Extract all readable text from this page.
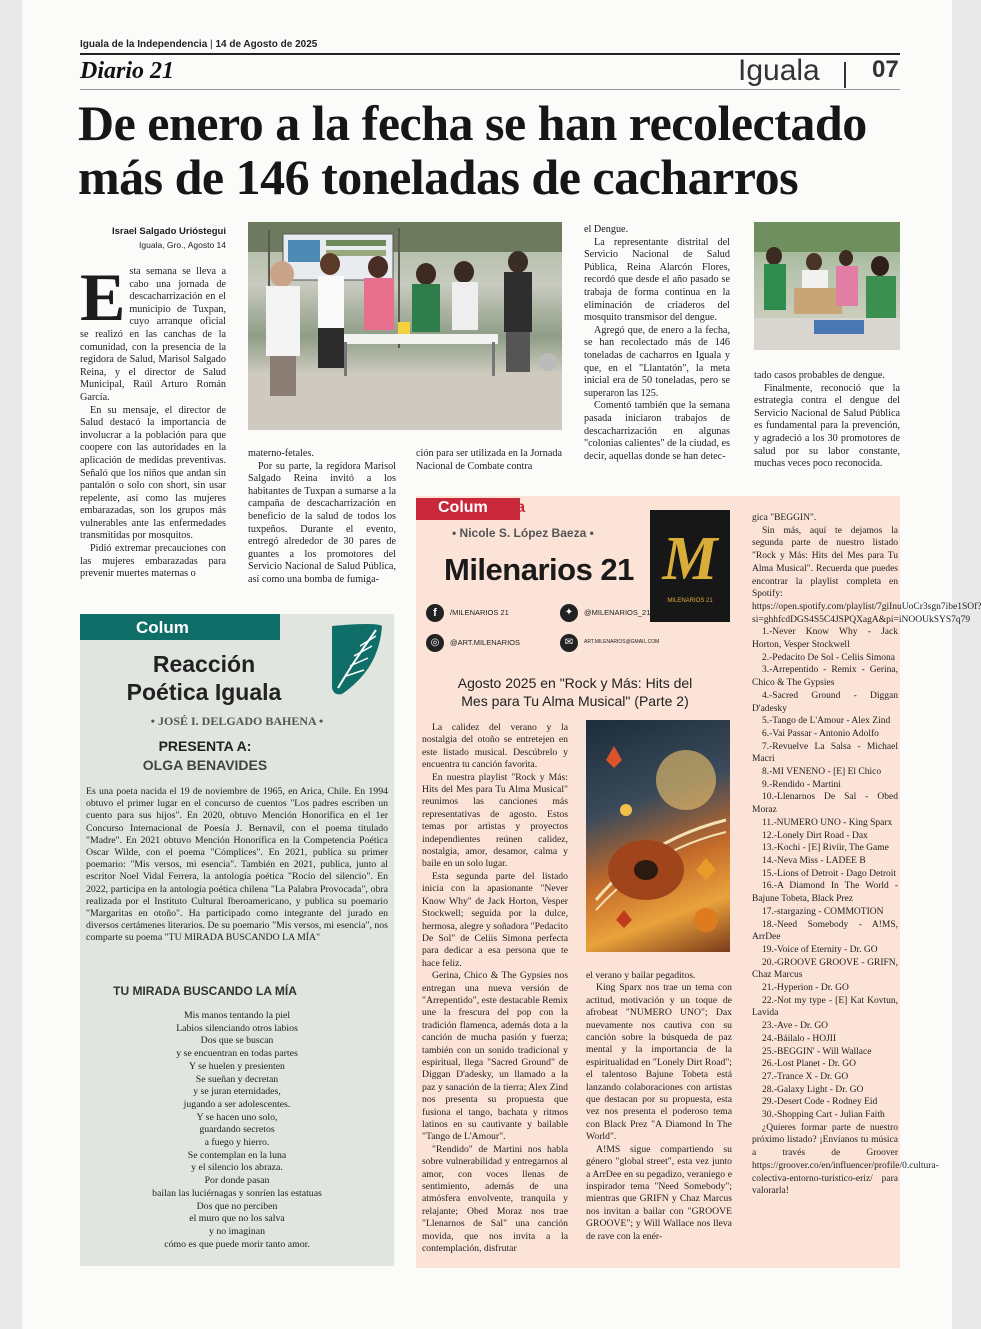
Iguala de la Independencia | 14 de Agosto de 2025
Diario 21	Iguala 07
De enero a la fecha se han recolectado
más de 146 toneladas de cacharros
Israel Salgado Urióstegui
Iguala, Gro., Agosto 14
E sta semana se lleva a cabo una jornada de descacharrización en el municipio de Tuxpan, cuyo arranque oficial se realizó en las canchas de la comunidad, con la presencia de la regidora de Salud, Marisol Salgado Reina, y el director de Salud Municipal, Raúl Arturo Román García.

En su mensaje, el director de Salud destacó la importancia de involucrar a la población para que coopere con las autoridades en la aplicación de medidas preventivas. Señaló que los niños que andan sin pantalón o solo con short, sin usar repelente, así como las mujeres embarazadas, son los grupos más vulnerables ante las enfermedades transmitidas por mosquitos.

Pidió extremar precauciones con las mujeres embarazadas para prevenir muertes maternas o

materno-fetales.

Por su parte, la regidora Marisol Salgado Reina invitó a los habitantes de Tuxpan a sumarse a la campaña de descacharrización en beneficio de la salud de todos los tuxpeños. Durante el evento, entregó alrededor de 30 pares de guantes a los promotores del Servicio Nacional de Salud Pública, así como una bomba de fumiga-

ción para ser utilizada en la Jornada Nacional de Combate contra

el Dengue.

La representante distrital del Servicio Nacional de Salud Pública, Reina Alarcón Flores, recordó que desde el año pasado se trabaja de forma continua en la eliminación de criaderos del mosquito transmisor del dengue.

Agregó que, de enero a la fecha, se han recolectado más de 146 toneladas de cacharros en Iguala y que, en el "Llantatón", la meta inicial era de 50 toneladas, pero se superaron las 125.

Comentó también que la semana pasada iniciaron trabajos de descacharrización en algunas "colonias calientes" de la ciudad, es decir, aquellas donde se han detec-

tado casos probables de dengue.

Finalmente, reconoció que la estrategia contra el dengue del Servicio Nacional de Salud Pública es fundamental para la prevención, y agradeció a los 30 promotores de salud por su labor constante, muchas veces poco reconocida.

Columna
Reacción
Poética Iguala
• JOSÉ I. DELGADO BAHENA •
PRESENTA A:
OLGA BENAVIDES
Es una poeta nacida el 19 de noviembre de 1965, en Arica, Chile. En 1994 obtuvo el primer lugar en el concurso de cuentos "Los padres escriben un cuento para sus hijos". En 2020, obtuvo Mención Honorífica en el 1er Concurso Internacional de Poesía J. Bernavil, con el poema titulado "Madre". En 2021 obtuvo Mención Honorífica en la Competencia Poética Oscar Wilde, con el poema "Cómplices". En 2021, publica su primer poemario: "Mis versos, mi esencia". También en 2021, publica, junto al escritor Noel Vidal Ferrera, la antología poética "Rocío del silencio". En 2022, participa en la antología poética chilena "La Palabra Provocada", obra realizada por el Instituto Cultural Iberoamericano, y publica su poemario "Margaritas en otoño". Ha participado como integrante del jurado en diversos certámenes literarios. De su poemario "Mis versos, mi esencia", nos comparte su poema "TU MIRADA BUSCANDO LA MÍA"
TU MIRADA BUSCANDO LA MÍA
Mis manos tentando la piel
Labios silenciando otros labios
Dos que se buscan
y se encuentran en todas partes
Y se huelen y presienten
Se sueñan y decretan
y se juran eternidades,
jugando a ser adolescentes.
Y se hacen uno solo,
guardando secretos
a fuego y hierro.
Se contemplan en la luna
y el silencio los abraza.
Por donde pasan
bailan las luciérnagas y sonríen las estatuas
Dos que no perciben
el muro que no los salva
y no imaginan
cómo es que puede morir tanto amor.
Columnista
• Nicole S. López Baeza •
Milenarios 21 M
MILENARIOS 21
f	/MILENARIOS 21	✦	@MILENARIOS_21
◎	@ART.MILENARIOS	✉	ART.MILENARIOS@GMAIL.COM
Agosto 2025 en "Rock y Más: Hits del
Mes para Tu Alma Musical" (Parte 2)

La calidez del verano y la nostalgia del otoño se entretejen en este listado musical. Descúbrelo y encuentra tu canción favorita.

En nuestra playlist "Rock y Más: Hits del Mes para Tu Alma Musical" reunimos las canciones más representativas de agosto. Estos temas por artistas y proyectos independientes reúnen calidez, nostalgia, amor, desamor, calma y baile en un solo lugar.

Esta segunda parte del listado inicia con la apasionante "Never Know Why" de Jack Horton, Vesper Stockwell; seguida por la dulce, hermosa, alegre y soñadora "Pedacito De Sol" de Celiis Simona perfecta para dedicar a esa persona que te hace feliz.

Gerina, Chico & The Gypsies nos entregan una nueva versión de "Arrepentido", este destacable Remix une la frescura del pop con la tradición flamenca, además dota a la canción de mucha pasión y fuerza; también con un sonido tradicional y espiritual, llega "Sacred Ground" de Diggan D'adesky, un llamado a la paz y sanación de la tierra; Alex Zind nos presenta su propuesta que fusiona el tango, bachata y ritmos latinos en su cautivante y bailable "Tango de L'Amour".

"Rendido" de Martini nos habla sobre vulnerabilidad y entregarnos al amor, con voces llenas de sentimiento, además de una atmósfera envolvente, tranquila y relajante; Obed Moraz nos trae "Llenarnos de Sal" una canción movida, que nos invita a la contemplación, disfrutar

el verano y bailar pegaditos.

King Sparx nos trae un tema con actitud, motivación y un toque de afrobeat "NUMERO UNO"; Dax nuevamente nos cautiva con su canción sobre la búsqueda de paz mental y la importancia de la espiritualidad en "Lonely Dirt Road"; el talentoso Bajune Tobeta está lanzando colaboraciones con artistas que destacan por su propuesta, esta vez nos presenta el poderoso tema con Black Prez "A Diamond In The World".

A!MS sigue compartiendo su género "global street", esta vez junto a ArrDee en su pegadizo, veraniego e inspirador tema "Need Somebody"; mientras que GRIFN y Chaz Marcus nos invitan a bailar con "GROOVE GROOVE"; y Will Wallace nos lleva de rave con la enér-

gica "BEGGIN".

Sin más, aquí te dejamos la segunda parte de nuestro listado "Rock y Más: Hits del Mes para Tu Alma Musical". Recuerda que puedes encontrar la playlist completa en Spotify: https://open.spotify.com/playlist/7giInuUoCr3sgn7ibe1SOf?si=ghhfcdDGS4S5C4JSPQXagA&pi=iNOOUkSYS7q79

1.-Never Know Why - Jack Horton, Vesper Stockwell

2.-Pedacito De Sol - Celiis Simona

3.-Arrepentido - Remix - Gerina, Chico & The Gypsies

4.-Sacred Ground - Diggan D'adesky

5.-Tango de L'Amour - Alex Zind

6.-Vai Passar - Antonio Adolfo

7.-Revuelve La Salsa - Michael Macri

8.-MI VENENO - [E] El Chico

9.-Rendido - Martini

10.-Llenarnos De Sal - Obed Moraz

11.-NUMERO UNO - King Sparx

12.-Lonely Dirt Road - Dax

13.-Kochi - [E] Rivíir, The Game

14.-Neva Miss - LADEE B

15.-Lions of Detroit - Dago Detroit

16.-A Diamond In The World - Bajune Tobeta, Black Prez

17.-stargazing - COMMOTION

18.-Need Somebody - A!MS, ArrDee

19.-Voice of Eternity - Dr. GO

20.-GROOVE GROOVE - GRIFN, Chaz Marcus

21.-Hyperion - Dr. GO

22.-Not my type - [E] Kat Kovtun, Lavida

23.-Ave - Dr. GO

24.-Báilalo - HOJII

25.-BEGGIN' - Will Wallace

26.-Lost Planet - Dr. GO

27.-Trance X - Dr. GO

28.-Galaxy Light - Dr. GO

29.-Desert Code - Rodney Eid

30.-Shopping Cart - Julian Faith

¿Quieres formar parte de nuestro próximo listado? ¡Envíanos tu música a través de Groover https://groover.co/en/influencer/profile/0.cultura-colectiva-entorno-turistico-eriz/ para valorarla!
